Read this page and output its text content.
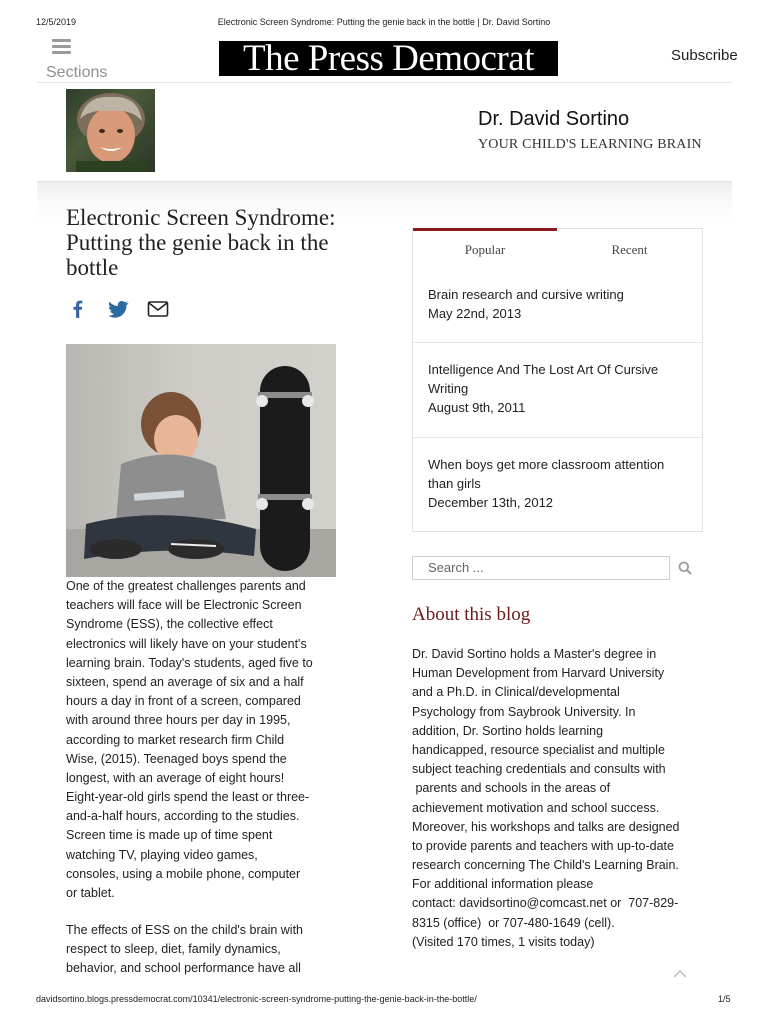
12/5/2019	Electronic Screen Syndrome: Putting the genie back in the bottle | Dr. David Sortino
Sections	The Press Democrat	Subscribe
Dr. David Sortino
YOUR CHILD'S LEARNING BRAIN
Electronic Screen Syndrome: Putting the genie back in the bottle
One of the greatest challenges parents and
teachers will face will be Electronic Screen
Syndrome (ESS), the collective effect
electronics will likely have on your student's
learning brain. Today's students, aged five to
sixteen, spend an average of six and a half
hours a day in front of a screen, compared
with around three hours per day in 1995,
according to market research firm Child
Wise, (2015). Teenaged boys spend the
longest, with an average of eight hours!
Eight-year-old girls spend the least or three-
and-a-half hours, according to the studies.
Screen time is made up of time spent
watching TV, playing video games,
consoles, using a mobile phone, computer
or tablet.
The effects of ESS on the child's brain with
respect to sleep, diet, family dynamics,
behavior, and school performance have all
Popular	Recent
Brain research and cursive writing
May 22nd, 2013
Intelligence And The Lost Art Of Cursive
Writing
August 9th, 2011
When boys get more classroom attention
than girls
December 13th, 2012
Search ...
About this blog
Dr. David Sortino holds a Master's degree in
Human Development from Harvard University
and a Ph.D. in Clinical/developmental
Psychology from Saybrook University. In
addition, Dr. Sortino holds learning
handicapped, resource specialist and multiple
subject teaching credentials and consults with
parents and schools in the areas of
achievement motivation and school success.
Moreover, his workshops and talks are designed
to provide parents and teachers with up-to-date
research concerning The Child's Learning Brain.
For additional information please
contact: davidsortino@comcast.net or  707-829-
8315 (office)  or 707-480-1649 (cell).
(Visited 170 times, 1 visits today)
davidsortino.blogs.pressdemocrat.com/10341/electronic-screen-syndrome-putting-the-genie-back-in-the-bottle/	1/5
